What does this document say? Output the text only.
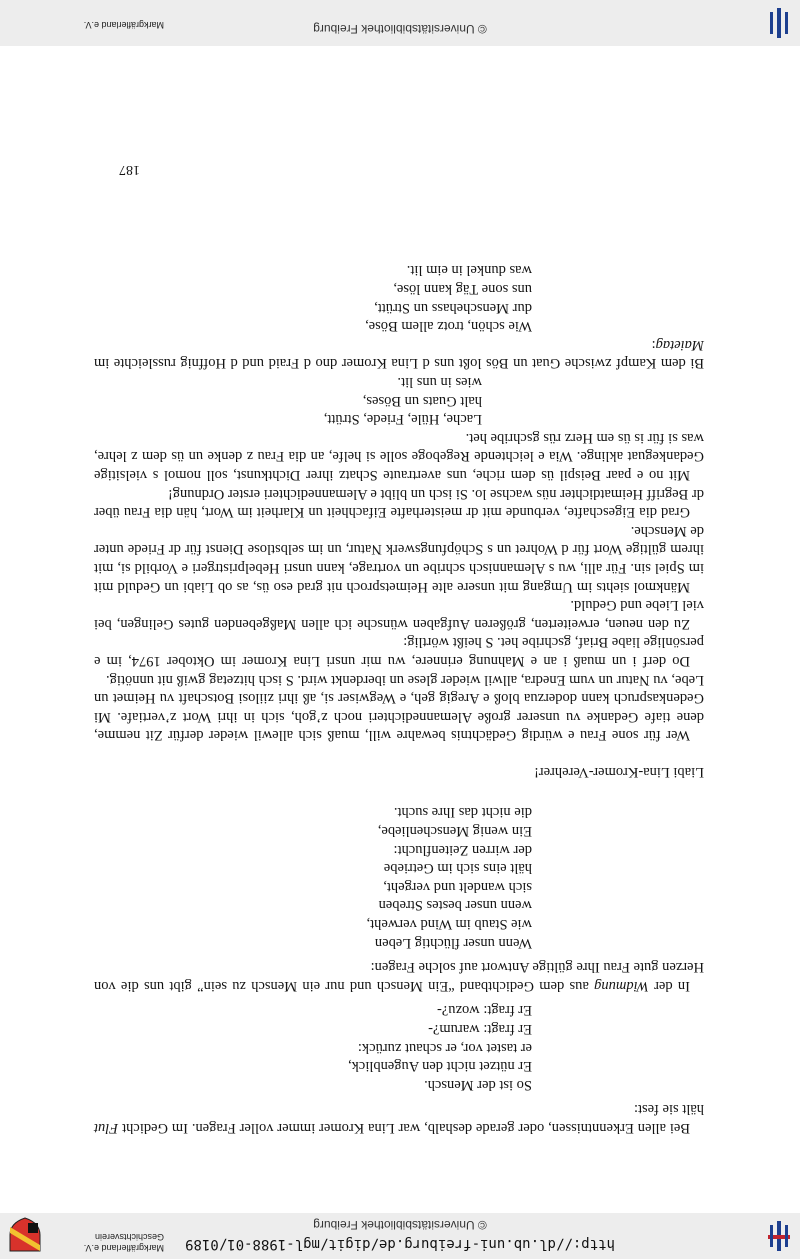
http://dl.ub.uni-freiburg.de/digit/mgl-1988-01/0189
© Universitätsbibliothek Freiburg
Markgräflerland e.V.
Geschichtsverein
© Universitätsbibliothek Freiburg
Markgräflerland e.V.

Bei allen Erkenntnissen, oder gerade deshalb, war Lina Kromer immer voller Fragen. Im Gedicht Flut hält sie fest:

So ist der Mensch.
Er nützet nicht den Augenblick,
er tastet vor, er schaut zurück:
Er fragt: warum?-
Er fragt: wozu?-

In der Widmung aus dem Gedichtband “Ein Mensch und nur ein Mensch zu sein” gibt uns die von Herzen gute Frau Ihre gültige Antwort auf solche Fragen:

Wenn unser flüchtig Leben
wie Staub im Wind verweht,
wenn unser bestes Streben
sich wandelt und vergeht,
hält eins sich im Getriebe
der wirren Zeitenflucht:
Ein wenig Menschenliebe,
die nicht das Ihre sucht.

Liabi Lina-Kromer-Verehrer!

Wer für sone Frau e würdig Gedächtnis bewahre will, muaß sich allewil wieder derfür Zit nemme, dene tiafe Gedanke vu unserer große Alemannedichteri noch z’goh, sich in ihri Wort z’vertiafe. Mi Gedenkaspruch kann doderzua bloß e Aregig geh, e Wegwiser si, aß ihri ziilosi Botschaft vu Heimet un Lebe, vu Natur un vum Enedra, allwil wieder glese un iberdenkt wird. S isch hitzetag gwiß nit unnötig.

Do derf i un muaß i an e Mahnung erinnere, wu mir unsri Lina Kromer im Oktober 1974, im e persönlige liabe Briaf, gschribe het. S heißt wörtlig:

Zu den neuen, erweiterten, größeren Aufgaben wünsche ich allen Maßgebenden gutes Gelingen, bei viel Liebe und Geduld.

Mänkmol siehts im Umgang mit unsere alte Heimetsproch nit grad eso üs, as ob Liabi un Geduld mit im Spiel sin. Für alli, wu s Alemannisch schribe un vortrage, kann unsri Hebelpristrgeri e Vorbild si, mit ihrem gültige Wort für d Wohret un s Schöpfungswerk Natur, un im selbstlose Dienst für dr Friede unter de Mensche.

Grad dia Eigeschafte, verbunde mit dr meisterhafte Eifachheit un Klarheit im Wort, hän dia Frau über dr Begriff Heimatdichter nüs wachse lo. Si isch un blibt e Alemannedichteri erster Ordnung!

Mit no e paar Beispil üs dem riche, uns avertraute Schatz ihrer Dichtkunst, soll nomol s vielsitige Gedankeguat aklinge. Wia e leichtende Regeboge solle si helfe, an dia Frau z denke un üs dem z lehre, was si für is üs em Herz rüs gschribe het.

Lache, Hüle, Friede, Strütt,
halt Guats un Böses,
wies in uns lit.

Bi dem Kampf zwische Guat un Bös loßt uns d Lina Kromer dno d Fraid und d Hoffnig russleichte im Maietag:

Wie schön, trotz allem Böse,
dur Menschehass un Strütt,
uns sone Täg kann löse,
was dunkel in eim lit.
187
